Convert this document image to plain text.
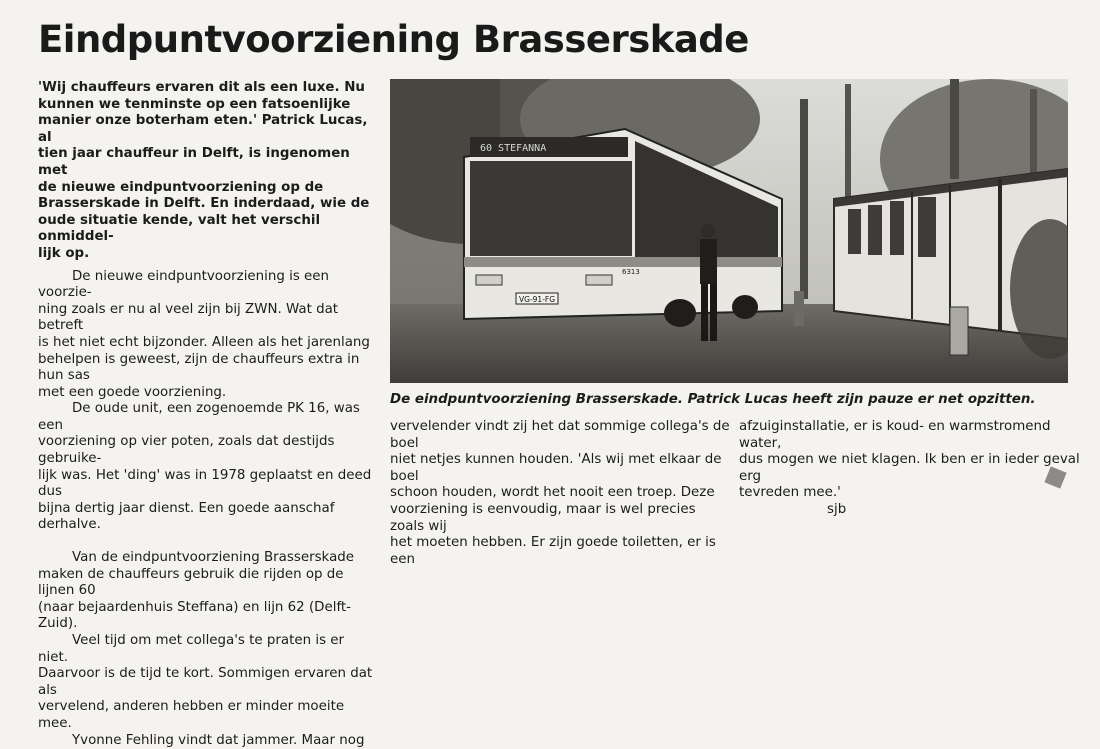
Eindpuntvoorziening Brasserskade

'Wij chauffeurs ervaren dit als een luxe. Nu

kunnen we tenminste op een fatsoenlijke

manier onze boterham eten.' Patrick Lucas, al

tien jaar chauffeur in Delft, is ingenomen met

de nieuwe eindpuntvoorziening op de

Brasserskade in Delft. En inderdaad, wie de

oude situatie kende, valt het verschil onmiddel-

lijk op.

De nieuwe eindpuntvoorziening is een voorzie-

ning zoals er nu al veel zijn bij ZWN. Wat dat betreft

is het niet echt bijzonder. Alleen als het jarenlang

behelpen is geweest, zijn de chauffeurs extra in hun sas

met een goede voorziening.

De oude unit, een zogenoemde PK 16, was een

voorziening op vier poten, zoals dat destijds gebruike-

lijk was. Het 'ding' was in 1978 geplaatst en deed dus

bijna dertig jaar dienst. Een goede aanschaf derhalve.

Van de eindpuntvoorziening Brasserskade

maken de chauffeurs gebruik die rijden op de lijnen 60

(naar bejaardenhuis Steffana) en lijn 62 (Delft-Zuid).

Veel tijd om met collega's te praten is er niet.

Daarvoor is de tijd te kort. Sommigen ervaren dat als

vervelend, anderen hebben er minder moeite mee.

Yvonne Fehling vindt dat jammer. Maar nog

60 STEFANNA
6313
VG-91-FG
De eindpuntvoorziening Brasserskade. Patrick Lucas heeft zijn pauze er net opzitten.

vervelender vindt zij het dat sommige collega's de boel

niet netjes kunnen houden. 'Als wij met elkaar de boel

schoon houden, wordt het nooit een troep. Deze

voorziening is eenvoudig, maar is wel precies zoals wij

het moeten hebben. Er zijn goede toiletten, er is een

afzuiginstallatie, er is koud- en warmstromend water,

dus mogen we niet klagen. Ik ben er in ieder geval erg

tevreden mee.'

sjb
